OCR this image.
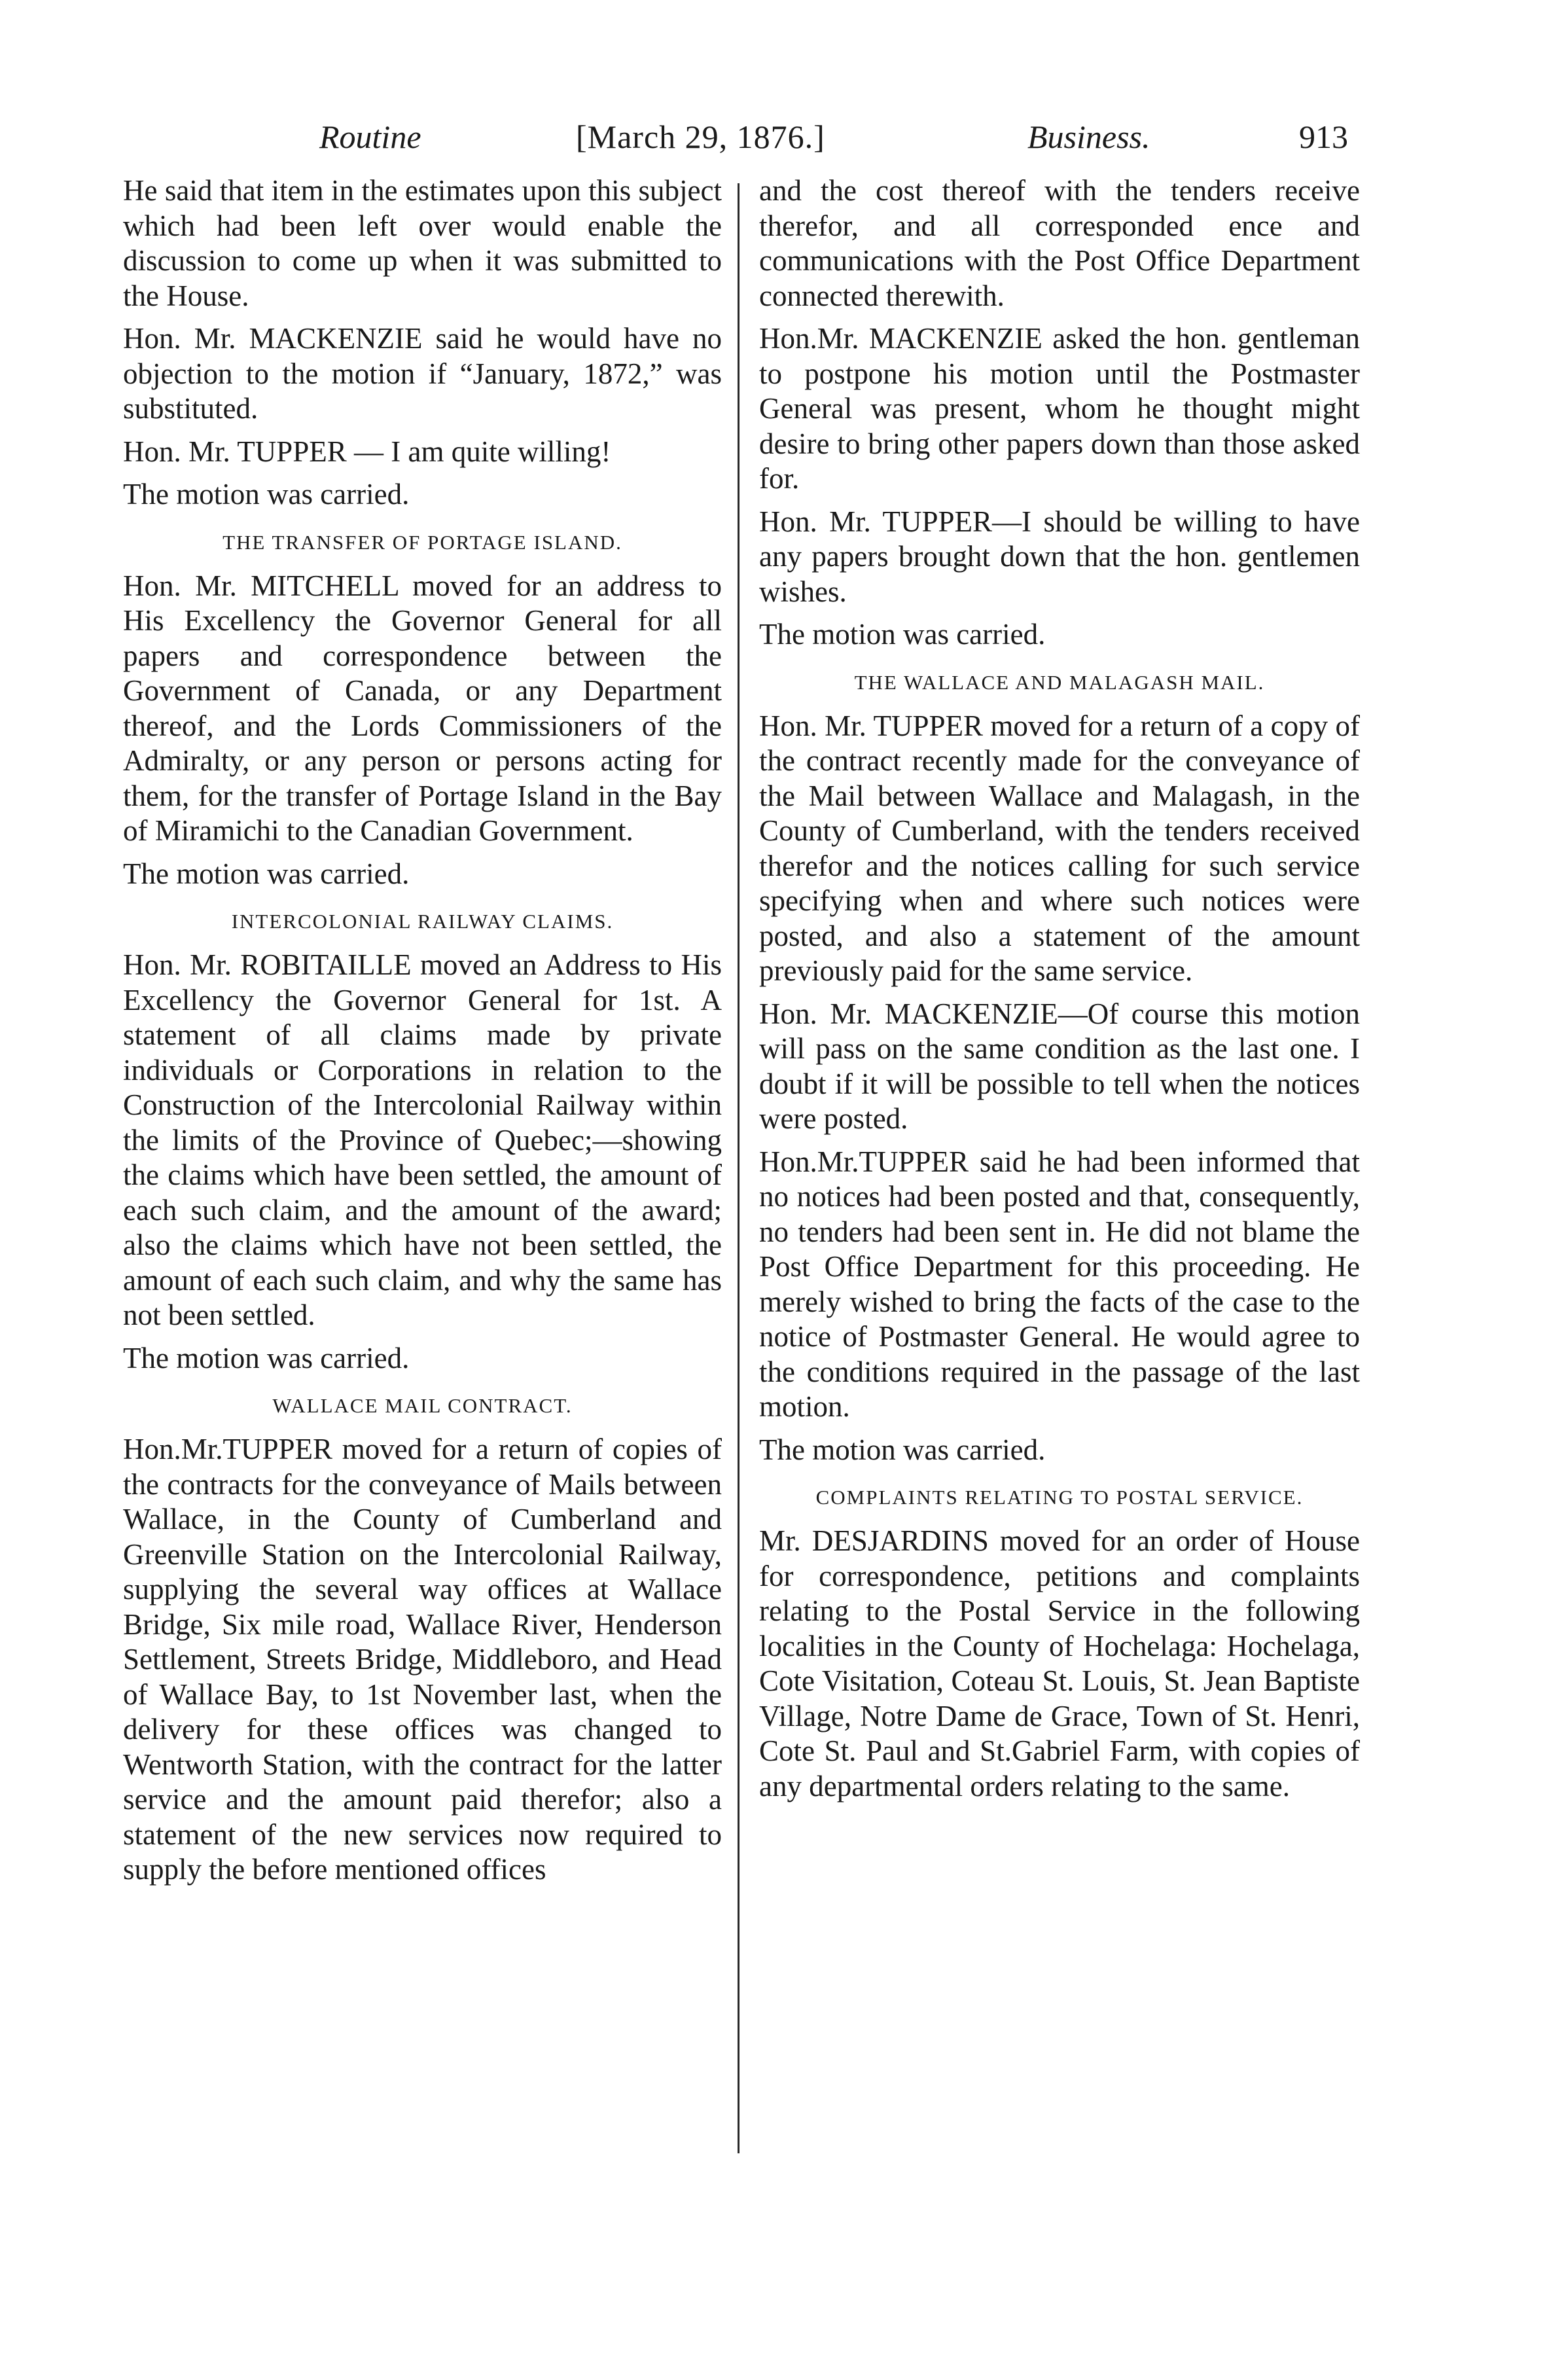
Routine	[March 29, 1876.]	Business.	913

He said that item in the estimates upon this subject which had been left over would enable the discussion to come up when it was submitted to the House.

Hon. Mr. MACKENZIE said he would have no objection to the motion if “January, 1872,” was substituted.

Hon. Mr. TUPPER — I am quite willing!

The motion was carried.

THE TRANSFER OF PORTAGE ISLAND.

Hon. Mr. MITCHELL moved for an address to His Excellency the Governor General for all papers and correspondence between the Government of Canada, or any Department thereof, and the Lords Commissioners of the Admiralty, or any person or persons acting for them, for the transfer of Portage Island in the Bay of Miramichi to the Canadian Government.

The motion was carried.

INTERCOLONIAL RAILWAY CLAIMS.

Hon. Mr. ROBITAILLE moved an Address to His Excellency the Governor General for 1st. A statement of all claims made by private individuals or Corporations in relation to the Construction of the Intercolonial Railway within the limits of the Province of Quebec;—showing the claims which have been settled, the amount of each such claim, and the amount of the award; also the claims which have not been settled, the amount of each such claim, and why the same has not been settled.

The motion was carried.

WALLACE MAIL CONTRACT.

Hon.Mr.TUPPER moved for a return of copies of the contracts for the conveyance of Mails between Wallace, in the County of Cumberland and Greenville Station on the Intercolonial Railway, supplying the several way offices at Wallace Bridge, Six mile road, Wallace River, Henderson Settlement, Streets Bridge, Middleboro, and Head of Wallace Bay, to 1st November last, when the delivery for these offices was changed to Wentworth Station, with the contract for the latter service and the amount paid therefor; also a statement of the new services now required to supply the before mentioned offices

and the cost thereof with the tenders receive therefor, and all corresponded ence and communications with the Post Office Department connected therewith.

Hon.Mr. MACKENZIE asked the hon. gentleman to postpone his motion until the Postmaster General was present, whom he thought might desire to bring other papers down than those asked for.

Hon. Mr. TUPPER—I should be willing to have any papers brought down that the hon. gentlemen wishes.

The motion was carried.

THE WALLACE AND MALAGASH MAIL.

Hon. Mr. TUPPER moved for a return of a copy of the contract recently made for the conveyance of the Mail between Wallace and Malagash, in the County of Cumberland, with the tenders received therefor and the notices calling for such service specifying when and where such notices were posted, and also a statement of the amount previously paid for the same service.

Hon. Mr. MACKENZIE—Of course this motion will pass on the same condition as the last one. I doubt if it will be possible to tell when the notices were posted.

Hon.Mr.TUPPER said he had been informed that no notices had been posted and that, consequently, no tenders had been sent in. He did not blame the Post Office Department for this proceeding. He merely wished to bring the facts of the case to the notice of Postmaster General. He would agree to the conditions required in the passage of the last motion.

The motion was carried.

COMPLAINTS RELATING TO POSTAL SERVICE.

Mr. DESJARDINS moved for an order of House for correspondence, petitions and complaints relating to the Postal Service in the following localities in the County of Hochelaga: Hochelaga, Cote Visitation, Coteau St. Louis, St. Jean Baptiste Village, Notre Dame de Grace, Town of St. Henri, Cote St. Paul and St.Gabriel Farm, with copies of any departmental orders relating to the same.
